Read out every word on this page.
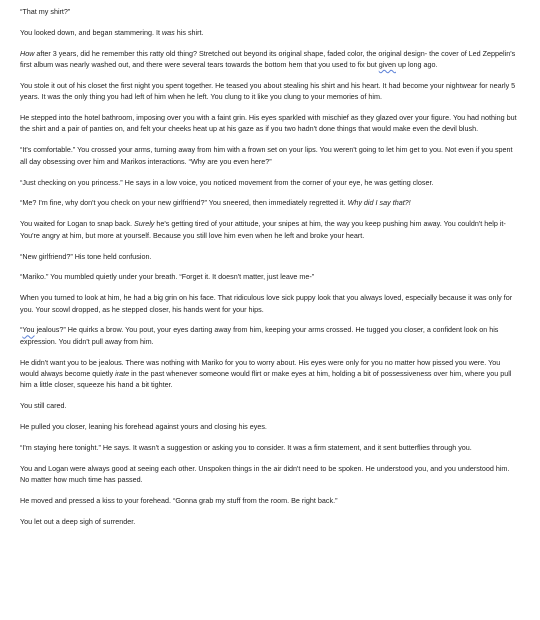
“That my shirt?”

You looked down, and began stammering. It was his shirt.

How after 3 years, did he remember this ratty old thing? Stretched out beyond its original shape, faded color, the original design- the cover of Led Zeppelin's first album was nearly washed out, and there were several tears towards the bottom hem that you used to fix but given up long ago.

You stole it out of his closet the first night you spent together. He teased you about stealing his shirt and his heart. It had become your nightwear for nearly 5 years. It was the only thing you had left of him when he left. You clung to it like you clung to your memories of him.

He stepped into the hotel bathroom, imposing over you with a faint grin. His eyes sparkled with mischief as they glazed over your figure. You had nothing but the shirt and a pair of panties on, and felt your cheeks heat up at his gaze as if you two hadn't done things that would make even the devil blush.

“It's comfortable.” You crossed your arms, turning away from him with a frown set on your lips. You weren't going to let him get to you. Not even if you spent all day obsessing over him and Marikos interactions. “Why are you even here?”

“Just checking on you princess.” He says in a low voice, you noticed movement from the corner of your eye, he was getting closer.

“Me? I'm fine, why don't you check on your new girlfriend?” You sneered, then immediately regretted it. Why did I say that?!

You waited for Logan to snap back. Surely he's getting tired of your attitude, your snipes at him, the way you keep pushing him away. You couldn't help it- You're angry at him, but more at yourself. Because you still love him even when he left and broke your heart.

“New girlfriend?” His tone held confusion.

“Mariko.” You mumbled quietly under your breath. “Forget it. It doesn't matter, just leave me-”

When you turned to look at him, he had a big grin on his face. That ridiculous love sick puppy look that you always loved, especially because it was only for you. Your scowl dropped, as he stepped closer, his hands went for your hips.

“You jealous?” He quirks a brow. You pout, your eyes darting away from him, keeping your arms crossed. He tugged you closer, a confident look on his expression. You didn't pull away from him.

He didn't want you to be jealous. There was nothing with Mariko for you to worry about. His eyes were only for you no matter how pissed you were. You would always become quietly irate in the past whenever someone would flirt or make eyes at him, holding a bit of possessiveness over him, where you pull him a little closer, squeeze his hand a bit tighter.

You still cared.

He pulled you closer, leaning his forehead against yours and closing his eyes.

“I'm staying here tonight.” He says. It wasn't a suggestion or asking you to consider. It was a firm statement, and it sent butterflies through you.

You and Logan were always good at seeing each other. Unspoken things in the air didn't need to be spoken. He understood you, and you understood him. No matter how much time has passed.

He moved and pressed a kiss to your forehead. “Gonna grab my stuff from the room. Be right back.”

You let out a deep sigh of surrender.
